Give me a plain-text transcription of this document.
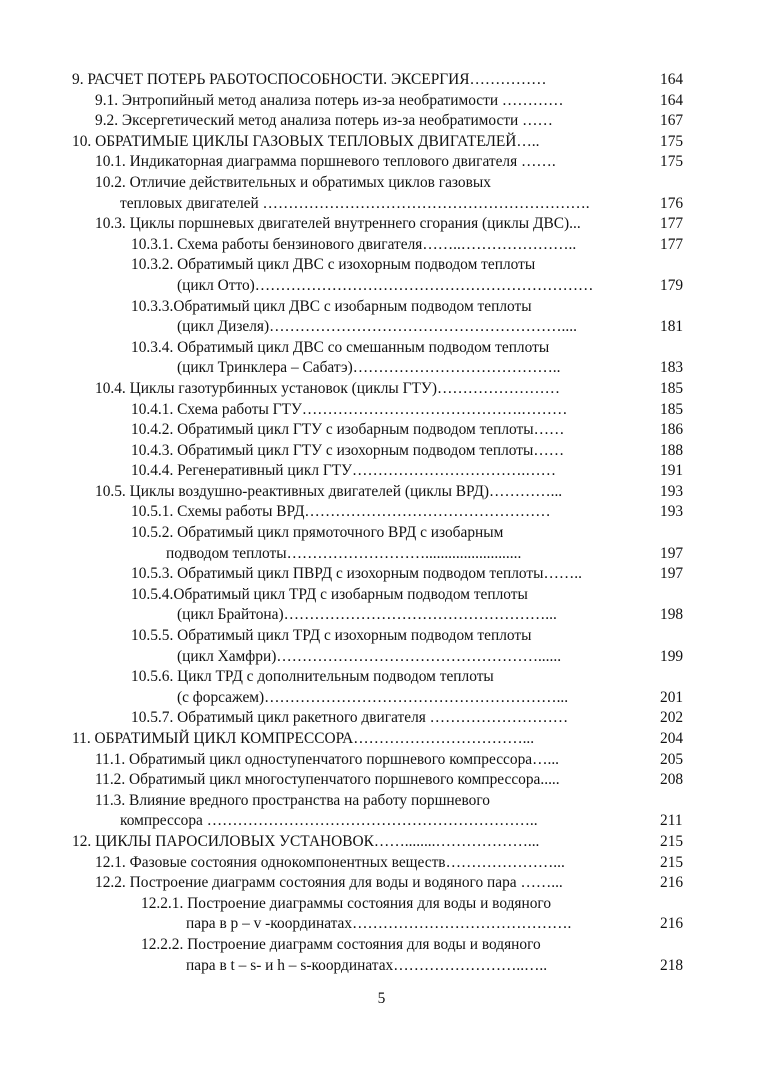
9. РАСЧЕТ ПОТЕРЬ РАБОТОСПОСОБНОСТИ. ЭКСЕРГИЯ……………	164
9.1. Энтропийный метод анализа потерь из-за необратимости …………	164
9.2. Эксергетический метод анализа потерь из-за необратимости ……	167
10. ОБРАТИМЫЕ ЦИКЛЫ ГАЗОВЫХ ТЕПЛОВЫХ ДВИГАТЕЛЕЙ…..	175
10.1. Индикаторная диаграмма поршневого теплового двигателя …….	175
10.2. Отличие действительных и обратимых циклов газовых
тепловых двигателей ……………………………………………………….	176
10.3. Циклы поршневых двигателей внутреннего сгорания (циклы ДВС)...	177
10.3.1. Схема работы бензинового двигателя……..…………………..	177
10.3.2. Обратимый цикл ДВС с изохорным подводом теплоты
(цикл Отто)…………………………………………………………	179
10.3.3.Обратимый цикл ДВС с изобарным подводом теплоты
(цикл Дизеля)…………………………………………………....	181
10.3.4. Обратимый цикл ДВС со смешанным подводом теплоты
(цикл Тринклера – Сабатэ)…………………………………..	183
10.4. Циклы газотурбинных установок (циклы ГТУ)……………………	185
10.4.1. Схема работы ГТУ…………………………………….………	185
10.4.2. Обратимый цикл ГТУ с изобарным подводом теплоты……	186
10.4.3. Обратимый цикл ГТУ с изохорным подводом теплоты……	188
10.4.4. Регенеративный цикл ГТУ…………………………….……	191
10.5. Циклы воздушно-реактивных двигателей (циклы ВРД)…………...	193
10.5.1. Схемы работы ВРД…………………………………………	193
10.5.2. Обратимый цикл прямоточного ВРД с изобарным
подводом теплоты……………………….........................	197
10.5.3. Обратимый цикл ПВРД с изохорным подводом теплоты……..	197
10.5.4.Обратимый цикл ТРД с изобарным подводом теплоты
(цикл Брайтона)……………………………………………...	198
10.5.5. Обратимый цикл ТРД с изохорным подводом теплоты
(цикл Хамфри)……………………………………………......	199
10.5.6. Цикл ТРД с дополнительным подводом теплоты
(с форсажем)…………………………………………………...	201
10.5.7. Обратимый цикл ракетного двигателя ………………………	202
11. ОБРАТИМЫЙ ЦИКЛ КОМПРЕССОРА……………………………...	204
11.1. Обратимый цикл одноступенчатого поршневого компрессора…...	205
11.2. Обратимый цикл многоступенчатого поршневого компрессора.....	208
11.3. Влияние вредного пространства на работу поршневого
компрессора ………………………………………………………..	211
12. ЦИКЛЫ ПАРОСИЛОВЫХ УСТАНОВОК……........………………...	215
12.1. Фазовые состояния однокомпонентных веществ…………………...	215
12.2. Построение диаграмм состояния для воды и водяного пара ……...	216
12.2.1. Построение диаграммы состояния для воды и водяного
пара в p – v -координатах…………………………………….	216
12.2.2. Построение диаграмм состояния для воды и водяного
пара в t – s- и h – s-координатах……………………..…..	218
5
